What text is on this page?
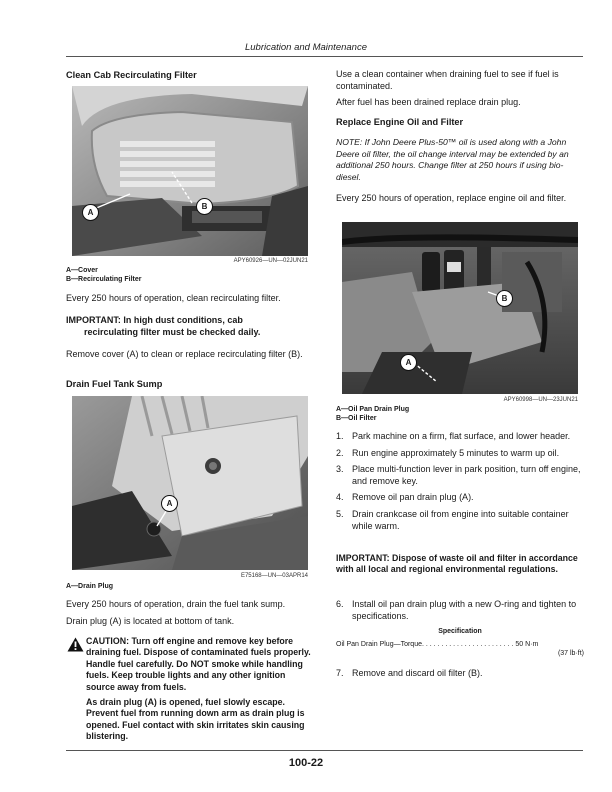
Lubrication and Maintenance
Clean Cab Recirculating Filter
A
B
APY60926—UN—02JUN21
A—Cover
B—Recirculating Filter
Every 250 hours of operation, clean recirculating filter.
IMPORTANT: In high dust conditions, cab
recirculating filter must be checked daily.
Remove cover (A) to clean or replace recirculating filter (B).
Drain Fuel Tank Sump
A
E75168—UN—03APR14
A—Drain Plug
Every 250 hours of operation, drain the fuel tank sump.
Drain plug (A) is located at bottom of tank.
CAUTION: Turn off engine and remove key before draining fuel. Dispose of contaminated fuels properly. Handle fuel carefully. Do NOT smoke while handling fuels. Keep trouble lights and any other ignition source away from fuels.
As drain plug (A) is opened, fuel slowly escape. Prevent fuel from running down arm as drain plug is opened. Fuel contact with skin irritates skin causing blistering.
Use a clean container when draining fuel to see if fuel is contaminated.
After fuel has been drained replace drain plug.
Replace Engine Oil and Filter
NOTE: If John Deere Plus-50™ oil is used along with a John Deere oil filter, the oil change interval may be extended by an additional 250 hours. Change filter at 250 hours if using bio-diesel.
Every 250 hours of operation, replace engine oil and filter.
B
A
APY60998—UN—23JUN21
A—Oil Pan Drain Plug
B—Oil Filter
1. Park machine on a firm, flat surface, and lower header.
2. Run engine approximately 5 minutes to warm up oil.
3. Place multi-function lever in park position, turn off engine, and remove key.
4. Remove oil pan drain plug (A).
5. Drain crankcase oil from engine into suitable container while warm.
IMPORTANT: Dispose of waste oil and filter in accordance with all local and regional environmental regulations.
6. Install oil pan drain plug with a new O-ring and tighten to specifications.
Specification
Oil Pan Drain Plug—Torque. . . . . . . . . . . . . . . . . . . . . . . . 50 N·m
(37 lb·ft)
7. Remove and discard oil filter (B).
100-22
